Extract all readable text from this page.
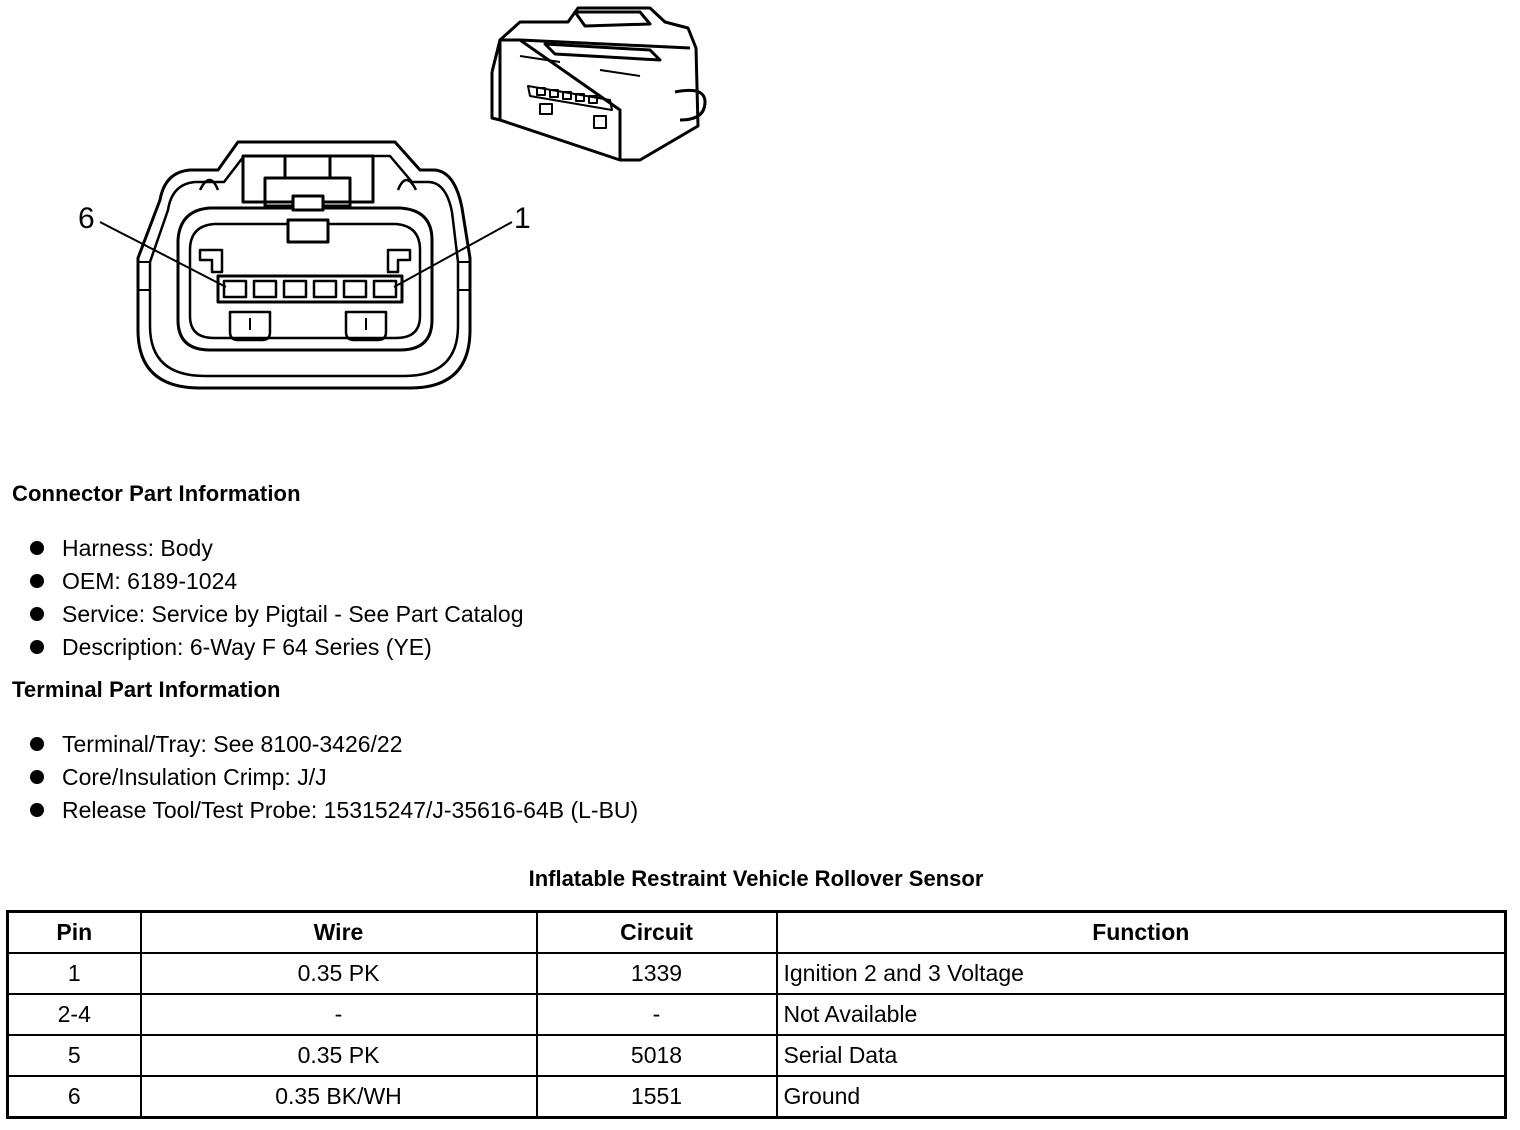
6	1
Connector Part Information
Harness: Body
OEM: 6189-1024
Service: Service by Pigtail - See Part Catalog
Description: 6-Way F 64 Series (YE)
Terminal Part Information
Terminal/Tray: See 8100-3426/22
Core/Insulation Crimp: J/J
Release Tool/Test Probe: 15315247/J-35616-64B (L-BU)
Inflatable Restraint Vehicle Rollover Sensor
Pin	Wire	Circuit	Function
1	0.35 PK	1339	Ignition 2 and 3 Voltage
2-4	-	-	Not Available
5	0.35 PK	5018	Serial Data
6	0.35 BK/WH	1551	Ground
